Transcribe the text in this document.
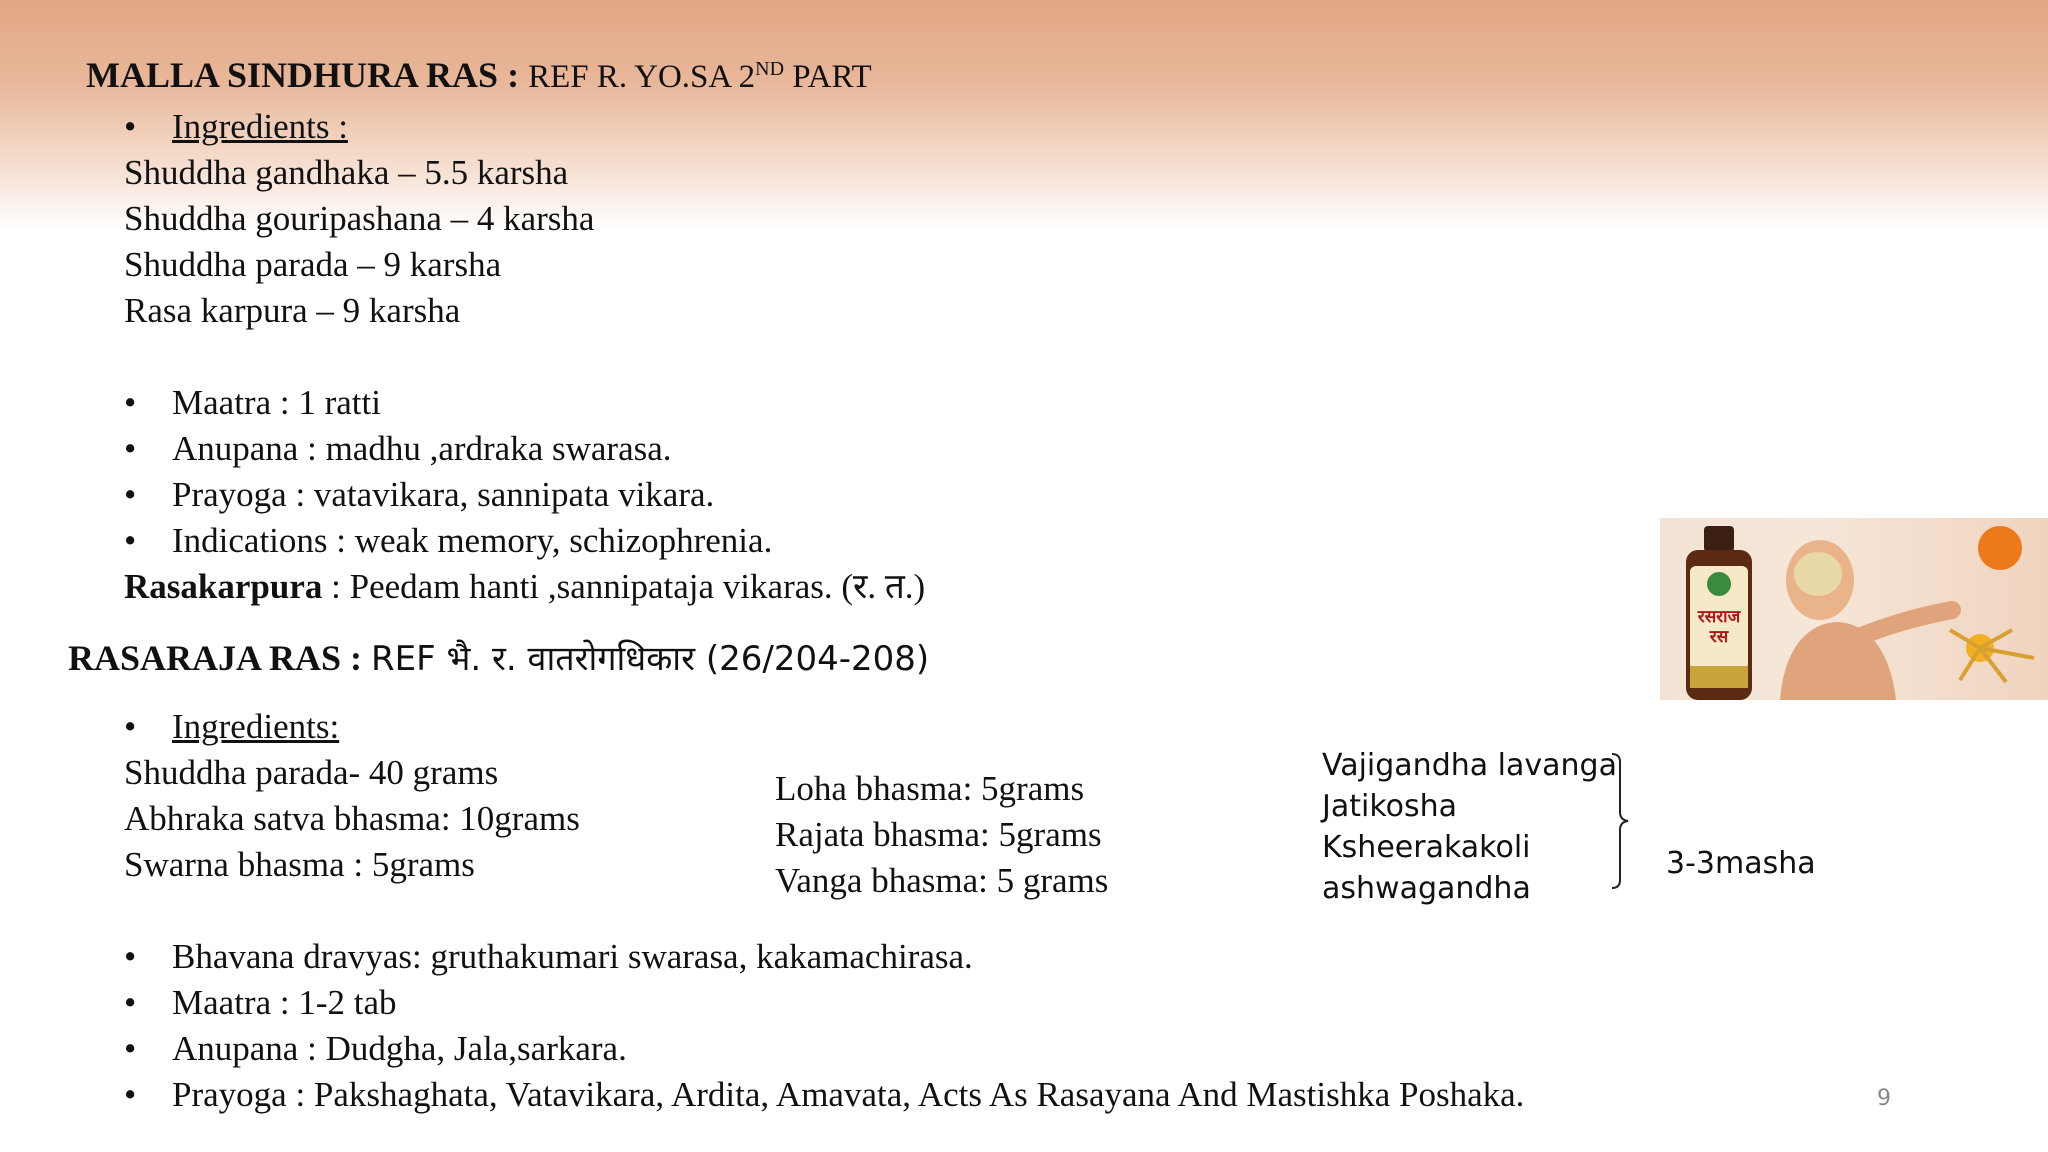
MALLA SINDHURA RAS : REF R. YO.SA 2ND PART
• Ingredients :
Shuddha gandhaka – 5.5 karsha
Shuddha gouripashana – 4 karsha
Shuddha parada – 9 karsha
Rasa karpura – 9 karsha
• Maatra : 1 ratti
• Anupana : madhu ,ardraka swarasa.
• Prayoga : vatavikara, sannipata vikara.
• Indications : weak memory, schizophrenia.
Rasakarpura : Peedam hanti ,sannipataja vikaras. (र. त.)
रसराज
रस
RASARAJA RAS : REF भै. र. वातरोगधिकार (26/204-208)
• Ingredients:
Shuddha parada- 40 grams
Abhraka satva bhasma: 10grams
Swarna bhasma : 5grams
Loha bhasma: 5grams
Rajata bhasma: 5grams
Vanga bhasma: 5 grams
Vajigandha lavanga
Jatikosha
Ksheerakakoli
ashwagandha
3-3masha
• Bhavana dravyas: gruthakumari swarasa, kakamachirasa.
• Maatra : 1-2 tab
• Anupana : Dudgha, Jala,sarkara.
• Prayoga : Pakshaghata, Vatavikara, Ardita, Amavata, Acts As Rasayana And Mastishka Poshaka.	9
